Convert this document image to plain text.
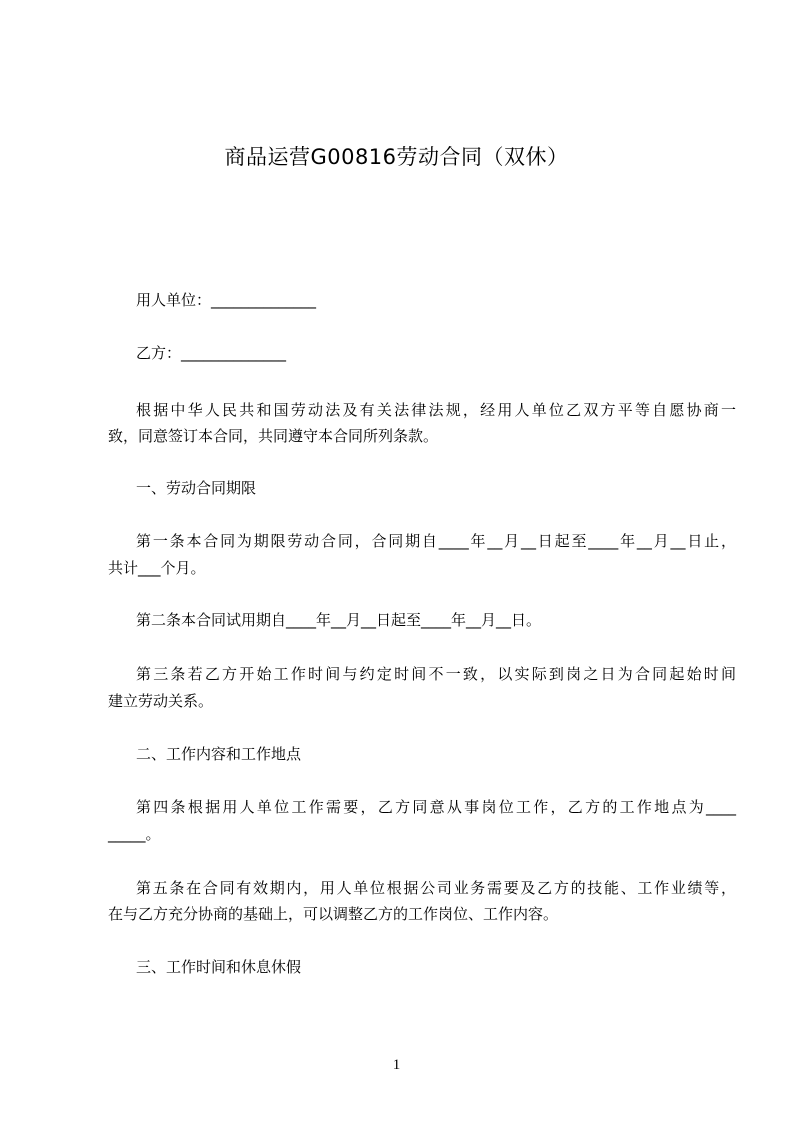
商品运营G00816劳动合同（双休）
用人单位：______________
乙方：______________
根据中华人民共和国劳动法及有关法律法规，经用人单位乙双方平等自愿协商一
致，同意签订本合同，共同遵守本合同所列条款。
一、劳动合同期限
第一条本合同为期限劳动合同，合同期自____年__月__日起至____年__月__日止，
共计___个月。
第二条本合同试用期自____年__月__日起至____年__月__日。
第三条若乙方开始工作时间与约定时间不一致，以实际到岗之日为合同起始时间
建立劳动关系。
二、工作内容和工作地点
第四条根据用人单位工作需要，乙方同意从事岗位工作，乙方的工作地点为____
_____。
第五条在合同有效期内，用人单位根据公司业务需要及乙方的技能、工作业绩等，
在与乙方充分协商的基础上，可以调整乙方的工作岗位、工作内容。
三、工作时间和休息休假
1
